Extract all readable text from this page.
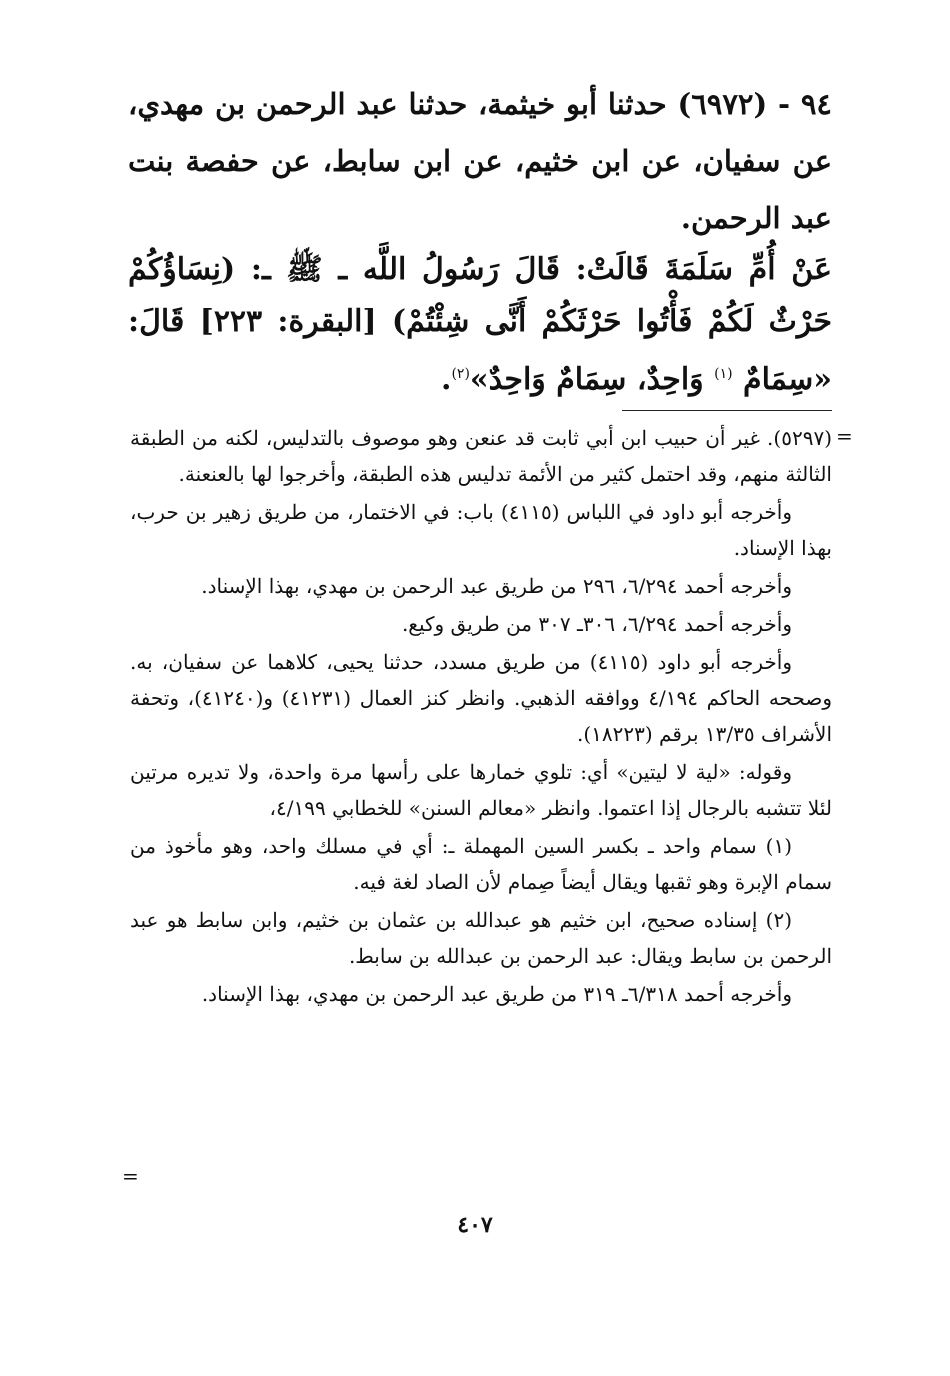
٩٤ - (٦٩٧٢) حدثنا أبو خيثمة، حدثنا عبد الرحمن بن مهدي، عن سفيان، عن ابن خثيم، عن ابن سابط، عن حفصة بنت عبد الرحمن.
عَنْ أُمِّ سَلَمَةَ قَالَتْ: قَالَ رَسُولُ اللَّه ـ ﷺ ـ: (نِسَاؤُكُمْ حَرْثٌ لَكُمْ فَأْتُوا حَرْثَكُمْ أَنَّى شِئْتُمْ) [البقرة: ٢٢٣] قَالَ: «سِمَامٌ $^{(١)}$ وَاحِدٌ، سِمَامٌ وَاحِدٌ»$^{(٢)}$.
=

(٥٢٩٧). غير أن حبيب ابن أبي ثابت قد عنعن وهو موصوف بالتدليس، لكنه من الطبقة الثالثة منهم، وقد احتمل كثير من الأئمة تدليس هذه الطبقة، وأخرجوا لها بالعنعنة.

وأخرجه أبو داود في اللباس (٤١١٥) باب: في الاختمار، من طريق زهير بن حرب، بهذا الإسناد.

وأخرجه أحمد ٦/٢٩٤، ٢٩٦ من طريق عبد الرحمن بن مهدي، بهذا الإسناد.

وأخرجه أحمد ٦/٢٩٤، ٣٠٦ـ ٣٠٧ من طريق وكيع.

وأخرجه أبو داود (٤١١٥) من طريق مسدد، حدثنا يحيى، كلاهما عن سفيان، به. وصححه الحاكم ٤/١٩٤ ووافقه الذهبي. وانظر كنز العمال (٤١٢٣١) و(٤١٢٤٠)، وتحفة الأشراف ١٣/٣٥ برقم (١٨٢٢٣).

وقوله: «لية لا ليتين» أي: تلوي خمارها على رأسها مرة واحدة، ولا تديره مرتين لئلا تتشبه بالرجال إذا اعتموا. وانظر «معالم السنن» للخطابي ٤/١٩٩،

(١) سمام واحد ـ بكسر السين المهملة ـ: أي في مسلك واحد، وهو مأخوذ من سمام الإبرة وهو ثقبها ويقال أيضاً صِمام لأن الصاد لغة فيه.

(٢) إسناده صحيح، ابن خثيم هو عبدالله بن عثمان بن خثيم، وابن سابط هو عبد الرحمن بن سابط ويقال: عبد الرحمن بن عبدالله بن سابط.

وأخرجه أحمد ٦/٣١٨ـ ٣١٩ من طريق عبد الرحمن بن مهدي، بهذا الإسناد.

=
٤٠٧
